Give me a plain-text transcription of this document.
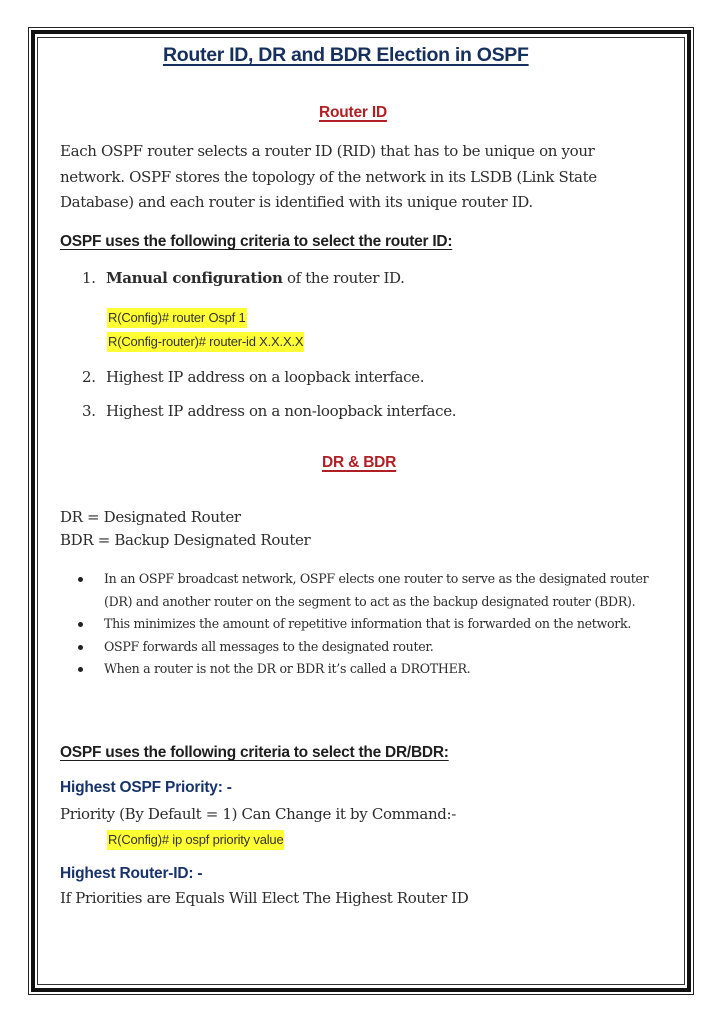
Router ID, DR and BDR Election in OSPF
Router ID
Each OSPF router selects a router ID (RID) that has to be unique on your
network. OSPF stores the topology of the network in its LSDB (Link State
Database) and each router is identified with its unique router ID.
OSPF uses the following criteria to select the router ID:
1. Manual configuration of the router ID.
R(Config)# router Ospf 1
R(Config-router)# router-id X.X.X.X
2. Highest IP address on a loopback interface.
3. Highest IP address on a non-loopback interface.
DR & BDR
DR = Designated Router
BDR = Backup Designated Router
In an OSPF broadcast network, OSPF elects one router to serve as the designated router (DR) and another router on the segment to act as the backup designated router (BDR).
This minimizes the amount of repetitive information that is forwarded on the network.
OSPF forwards all messages to the designated router.
When a router is not the DR or BDR it’s called a DROTHER.
OSPF uses the following criteria to select the DR/BDR:
Highest OSPF Priority: -
Priority (By Default = 1) Can Change it by Command:-
R(Config)# ip ospf priority value
Highest Router-ID: -
If Priorities are Equals Will Elect The Highest Router ID
